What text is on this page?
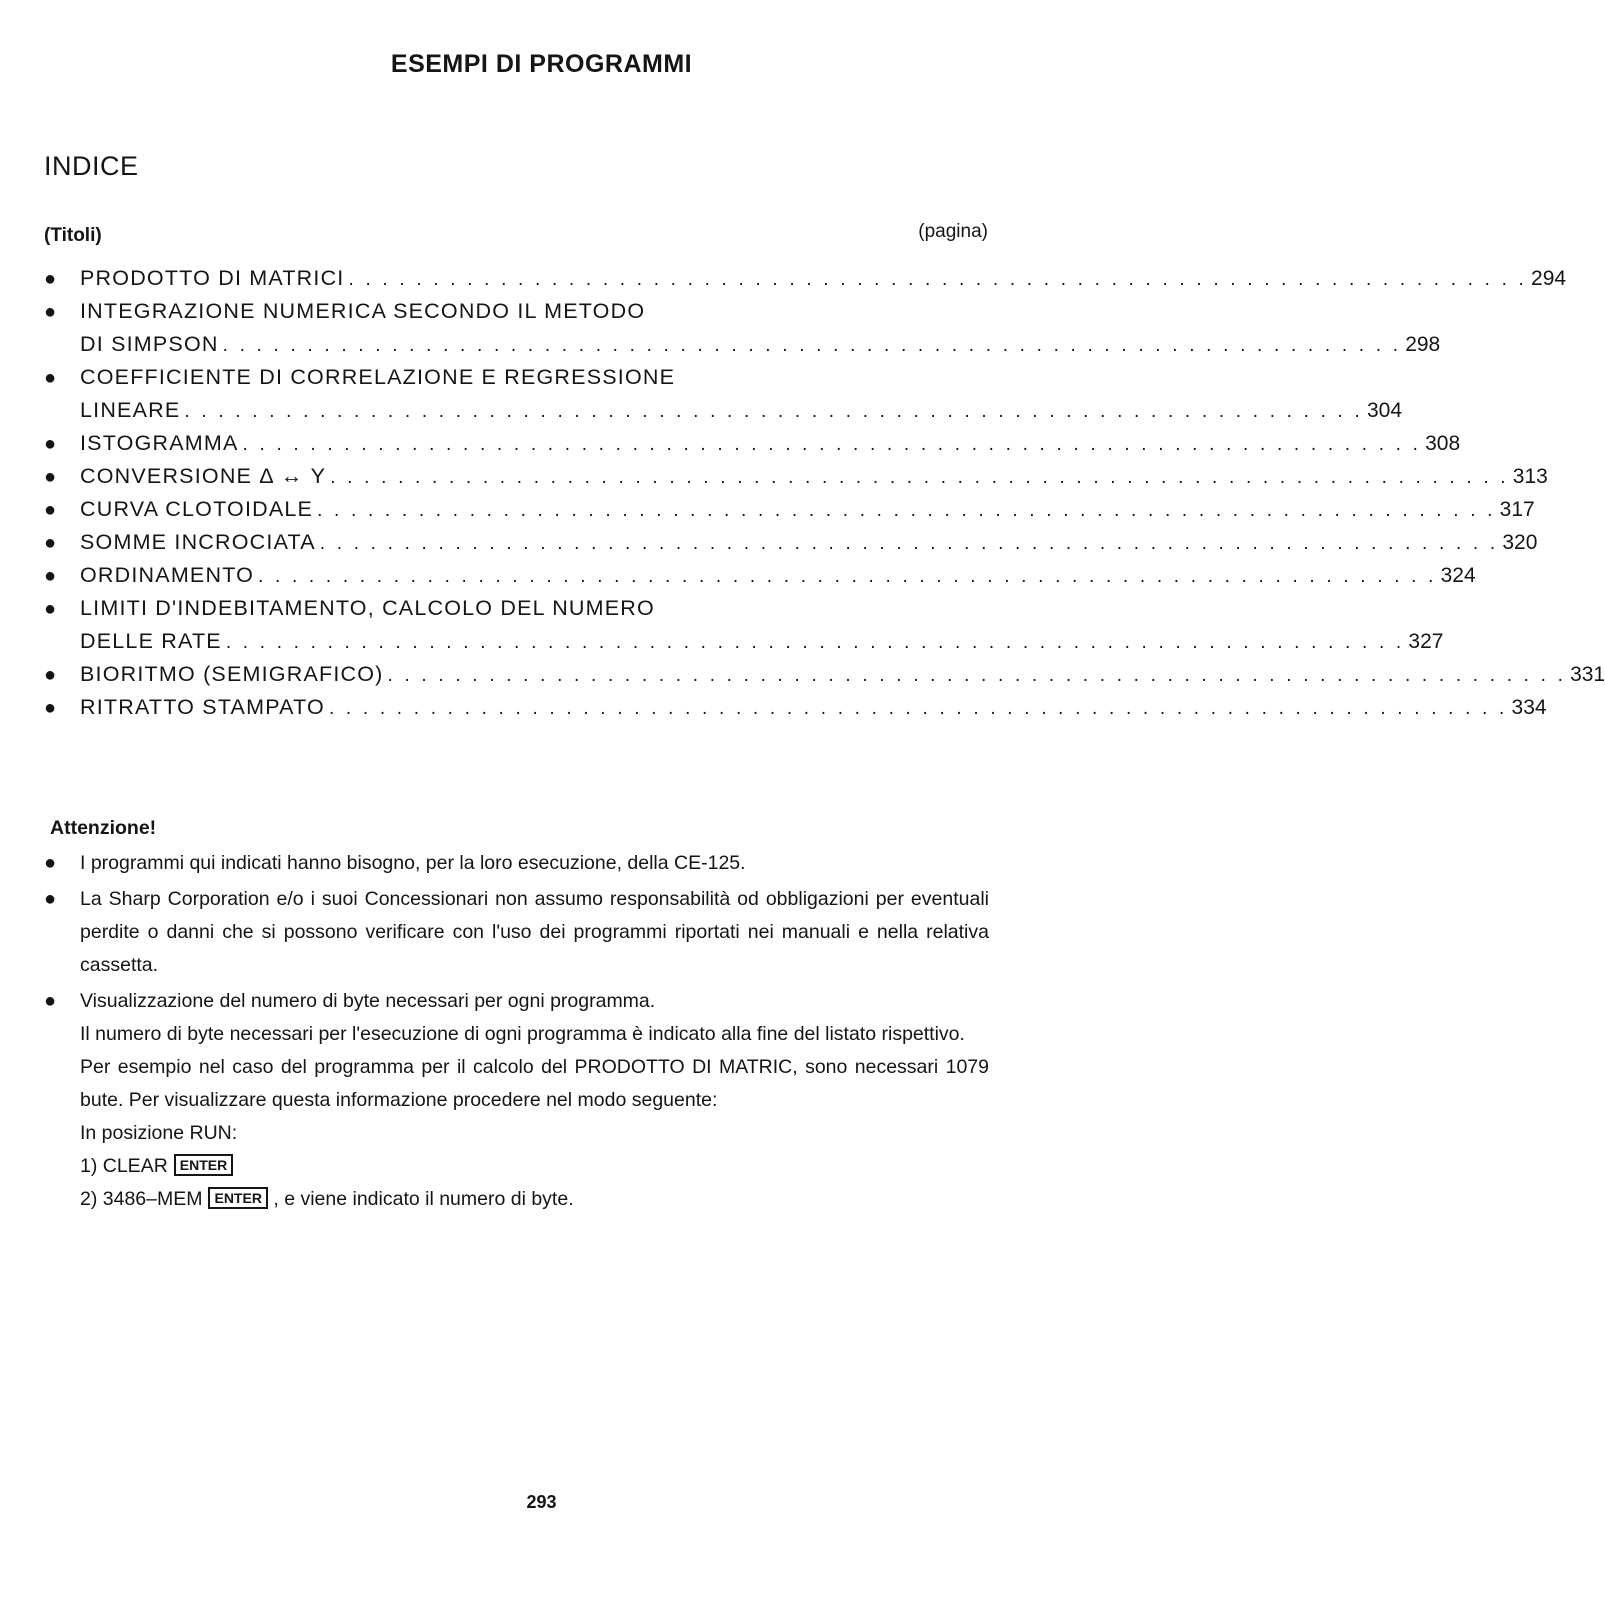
ESEMPI DI PROGRAMMI
INDICE
(Titoli)	(pagina)
●	PRODOTTO DI MATRICI . . . . . . . . . . . . . . . . . . . . . . . . . . . . . . . . . . . . . . . . . . . . . . . . . . . . . . . . . . . . . . . . . . . . . . 294
●	INTEGRAZIONE NUMERICA SECONDO IL METODO
DI SIMPSON . . . . . . . . . . . . . . . . . . . . . . . . . . . . . . . . . . . . . . . . . . . . . . . . . . . . . . . . . . . . . . . . . . . . . . 298
●	COEFFICIENTE DI CORRELAZIONE E REGRESSIONE
LINEARE . . . . . . . . . . . . . . . . . . . . . . . . . . . . . . . . . . . . . . . . . . . . . . . . . . . . . . . . . . . . . . . . . . . . . . 304
●	ISTOGRAMMA . . . . . . . . . . . . . . . . . . . . . . . . . . . . . . . . . . . . . . . . . . . . . . . . . . . . . . . . . . . . . . . . . . . . . . 308
●	CONVERSIONE Δ ↔ Y . . . . . . . . . . . . . . . . . . . . . . . . . . . . . . . . . . . . . . . . . . . . . . . . . . . . . . . . . . . . . . . . . . . . . . 313
●	CURVA CLOTOIDALE . . . . . . . . . . . . . . . . . . . . . . . . . . . . . . . . . . . . . . . . . . . . . . . . . . . . . . . . . . . . . . . . . . . . . . 317
●	SOMME INCROCIATA . . . . . . . . . . . . . . . . . . . . . . . . . . . . . . . . . . . . . . . . . . . . . . . . . . . . . . . . . . . . . . . . . . . . . . 320
●	ORDINAMENTO . . . . . . . . . . . . . . . . . . . . . . . . . . . . . . . . . . . . . . . . . . . . . . . . . . . . . . . . . . . . . . . . . . . . . . 324
●	LIMITI D'INDEBITAMENTO, CALCOLO DEL NUMERO
DELLE RATE . . . . . . . . . . . . . . . . . . . . . . . . . . . . . . . . . . . . . . . . . . . . . . . . . . . . . . . . . . . . . . . . . . . . . . 327
●	BIORITMO (SEMIGRAFICO) . . . . . . . . . . . . . . . . . . . . . . . . . . . . . . . . . . . . . . . . . . . . . . . . . . . . . . . . . . . . . . . . . . . . . . 331
●	RITRATTO STAMPATO . . . . . . . . . . . . . . . . . . . . . . . . . . . . . . . . . . . . . . . . . . . . . . . . . . . . . . . . . . . . . . . . . . . . . . 334
Attenzione!
● I programmi qui indicati hanno bisogno, per la loro esecuzione, della CE-125.

● La Sharp Corporation e/o i suoi Concessionari non assumo responsabilità od obbligazioni per eventuali perdite o danni che si possono verificare con l'uso dei programmi riportati nei manuali e nella relativa cassetta.

● Visualizzazione del numero di byte necessari per ogni programma.

Il numero di byte necessari per l'esecuzione di ogni programma è indicato alla fine del listato rispettivo.

Per esempio nel caso del programma per il calcolo del PRODOTTO DI MATRIC, sono necessari 1079 bute. Per visualizzare questa informazione procedere nel modo seguente:

In posizione RUN:

1) CLEAR ENTER

2) 3486–MEM ENTER , e viene indicato il numero di byte.

293
